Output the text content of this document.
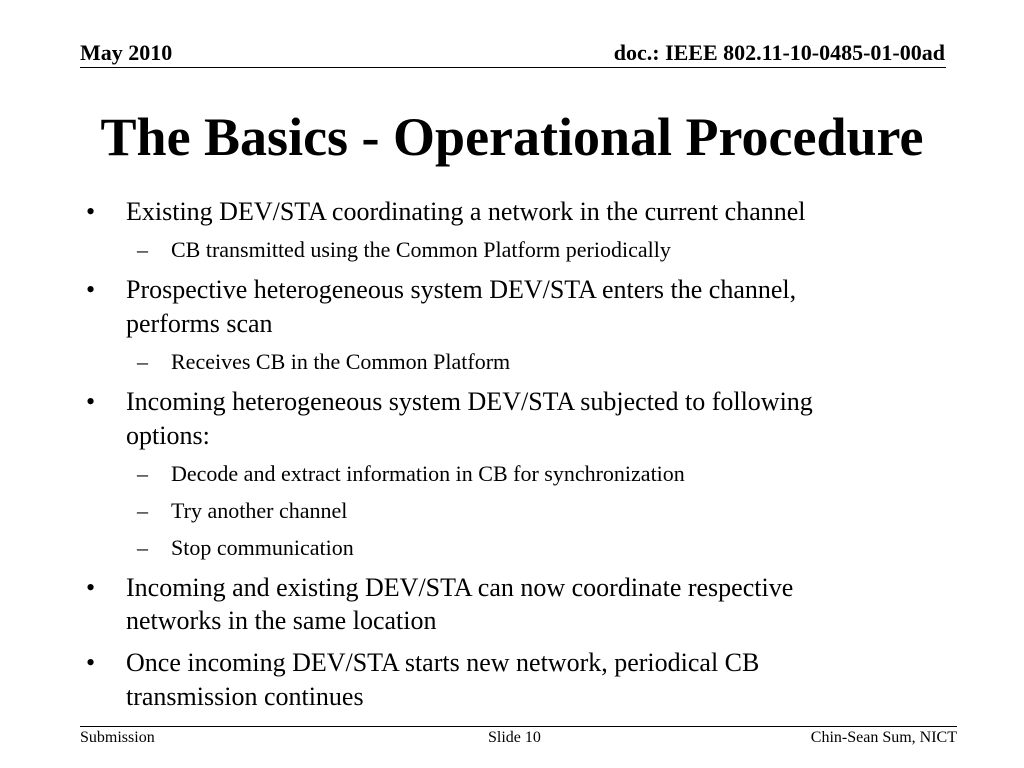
May 2010	doc.: IEEE 802.11-10-0485-01-00ad
The Basics - Operational Procedure
• Existing DEV/STA coordinating a network in the current channel
– CB transmitted using the Common Platform periodically
• Prospective heterogeneous system DEV/STA enters the channel,
performs scan
– Receives CB in the Common Platform
• Incoming heterogeneous system DEV/STA subjected to following
options:
– Decode and extract information in CB for synchronization
– Try another channel
– Stop communication
• Incoming and existing DEV/STA can now coordinate respective
networks in the same location
• Once incoming DEV/STA starts new network, periodical CB
transmission continues
Submission	Slide 10	Chin-Sean Sum, NICT
